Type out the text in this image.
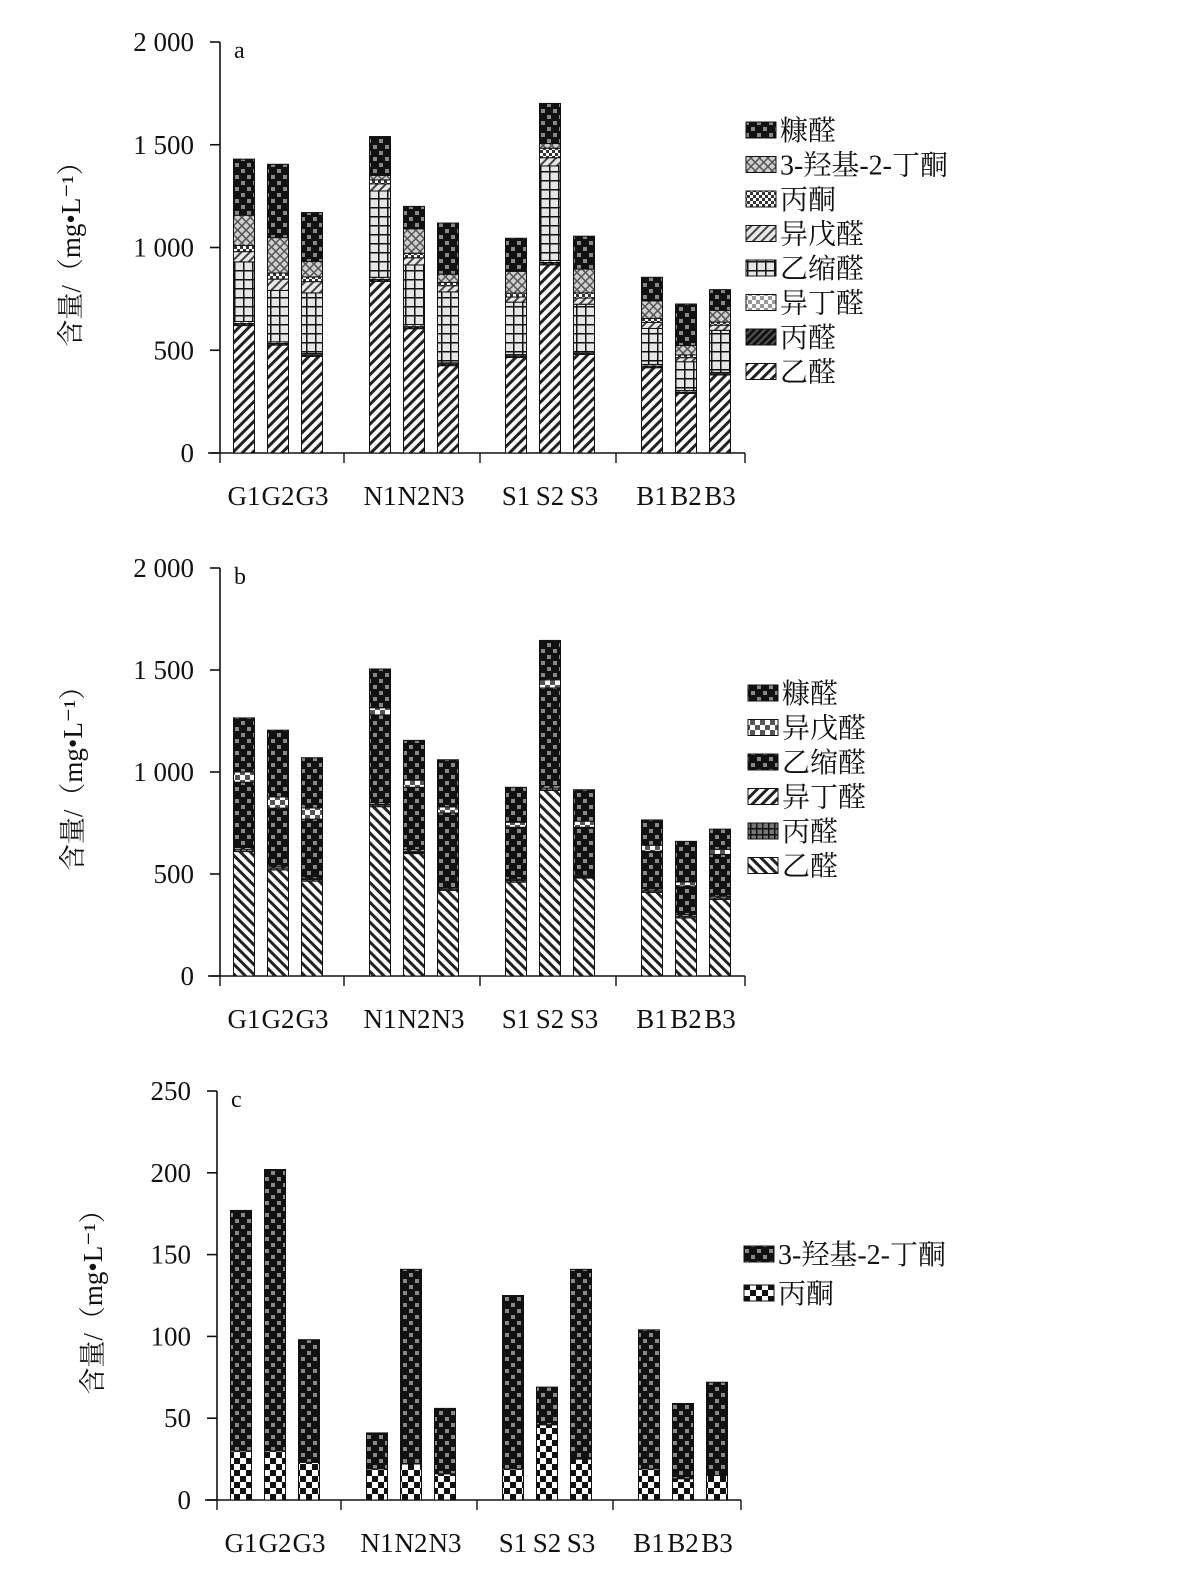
0
500
1 000
1 500
2 000 a
含量/（mg•L⁻¹）
G1 G2 G3 N1 N2 N3 S1 S2 S3 B1 B2 B3
糠醛
3-羟基-2-丁酮
丙酮
异戊醛
乙缩醛
异丁醛
丙醛
乙醛
0
500
1 000
1 500
2 000 b
含量/（mg•L⁻¹）
G1 G2 G3 N1 N2 N3 S1 S2 S3 B1 B2 B3
糠醛
异戊醛
乙缩醛
异丁醛
丙醛
乙醛
0
50
100
150
200
250 c
含量/（mg•L⁻¹）
G1 G2 G3 N1 N2 N3 S1 S2 S3 B1 B2 B3
3-羟基-2-丁酮
丙酮
